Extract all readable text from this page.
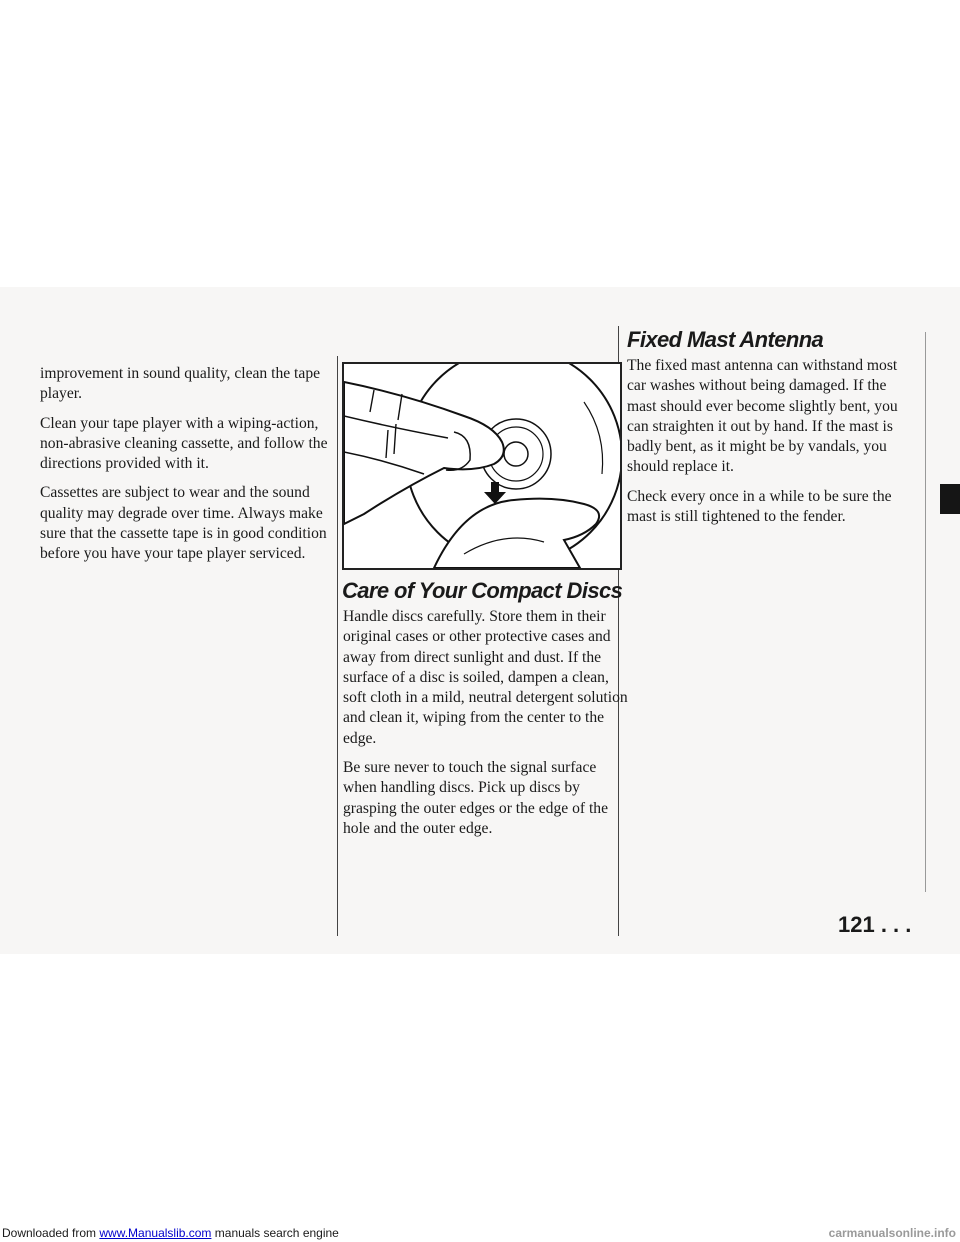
improvement in sound quality, clean the tape player.

Clean your tape player with a wiping-action, non-abrasive cleaning cassette, and follow the directions provided with it.

Cassettes are subject to wear and the sound quality may degrade over time. Always make sure that the cassette tape is in good condition before you have your tape player serviced.

Care of Your Compact Discs

Handle discs carefully. Store them in their original cases or other protective cases and away from direct sunlight and dust. If the surface of a disc is soiled, dampen a clean, soft cloth in a mild, neutral detergent solution and clean it, wiping from the center to the edge.

Be sure never to touch the signal surface when handling discs. Pick up discs by grasping the outer edges or the edge of the hole and the outer edge.

Fixed Mast Antenna

The fixed mast antenna can withstand most car washes without being damaged. If the mast should ever become slightly bent, you can straighten it out by hand. If the mast is badly bent, as it might be by vandals, you should replace it.

Check every once in a while to be sure the mast is still tightened to the fender.

121 . . .
Downloaded from www.Manualslib.com manuals search engine	carmanualsonline.info
